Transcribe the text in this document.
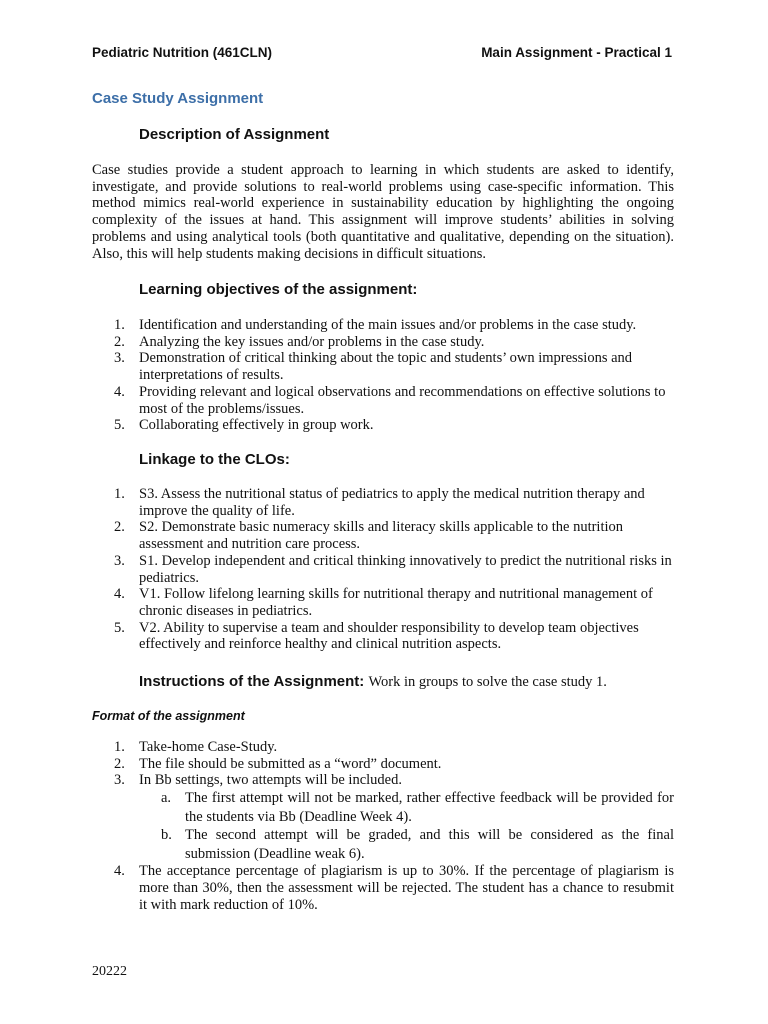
Pediatric Nutrition (461CLN)	Main Assignment - Practical 1
Case Study Assignment
Description of Assignment
Case studies provide a student approach to learning in which students are asked to identify, investigate, and provide solutions to real-world problems using case-specific information. This method mimics real-world experience in sustainability education by highlighting the ongoing complexity of the issues at hand. This assignment will improve students’ abilities in solving problems and using analytical tools (both quantitative and qualitative, depending on the situation). Also, this will help students making decisions in difficult situations.
Learning objectives of the assignment:
1. Identification and understanding of the main issues and/or problems in the case study.
2. Analyzing the key issues and/or problems in the case study.
3. Demonstration of critical thinking about the topic and students’ own impressions and interpretations of results.
4. Providing relevant and logical observations and recommendations on effective solutions to most of the problems/issues.
5. Collaborating effectively in group work.
Linkage to the CLOs:
1. S3. Assess the nutritional status of pediatrics to apply the medical nutrition therapy and improve the quality of life.
2. S2. Demonstrate basic numeracy skills and literacy skills applicable to the nutrition assessment and nutrition care process.
3. S1. Develop independent and critical thinking innovatively to predict the nutritional risks in pediatrics.
4. V1. Follow lifelong learning skills for nutritional therapy and nutritional management of chronic diseases in pediatrics.
5. V2. Ability to supervise a team and shoulder responsibility to develop team objectives effectively and reinforce healthy and clinical nutrition aspects.
Instructions of the Assignment: Work in groups to solve the case study 1.
Format of the assignment
1. Take-home Case-Study.
2. The file should be submitted as a “word” document.
3. In Bb settings, two attempts will be included.
a. The first attempt will not be marked, rather effective feedback will be provided for the students via Bb (Deadline Week 4).
b. The second attempt will be graded, and this will be considered as the final submission (Deadline weak 6).
4. The acceptance percentage of plagiarism is up to 30%. If the percentage of plagiarism is more than 30%, then the assessment will be rejected. The student has a chance to resubmit it with mark reduction of 10%.
20222
